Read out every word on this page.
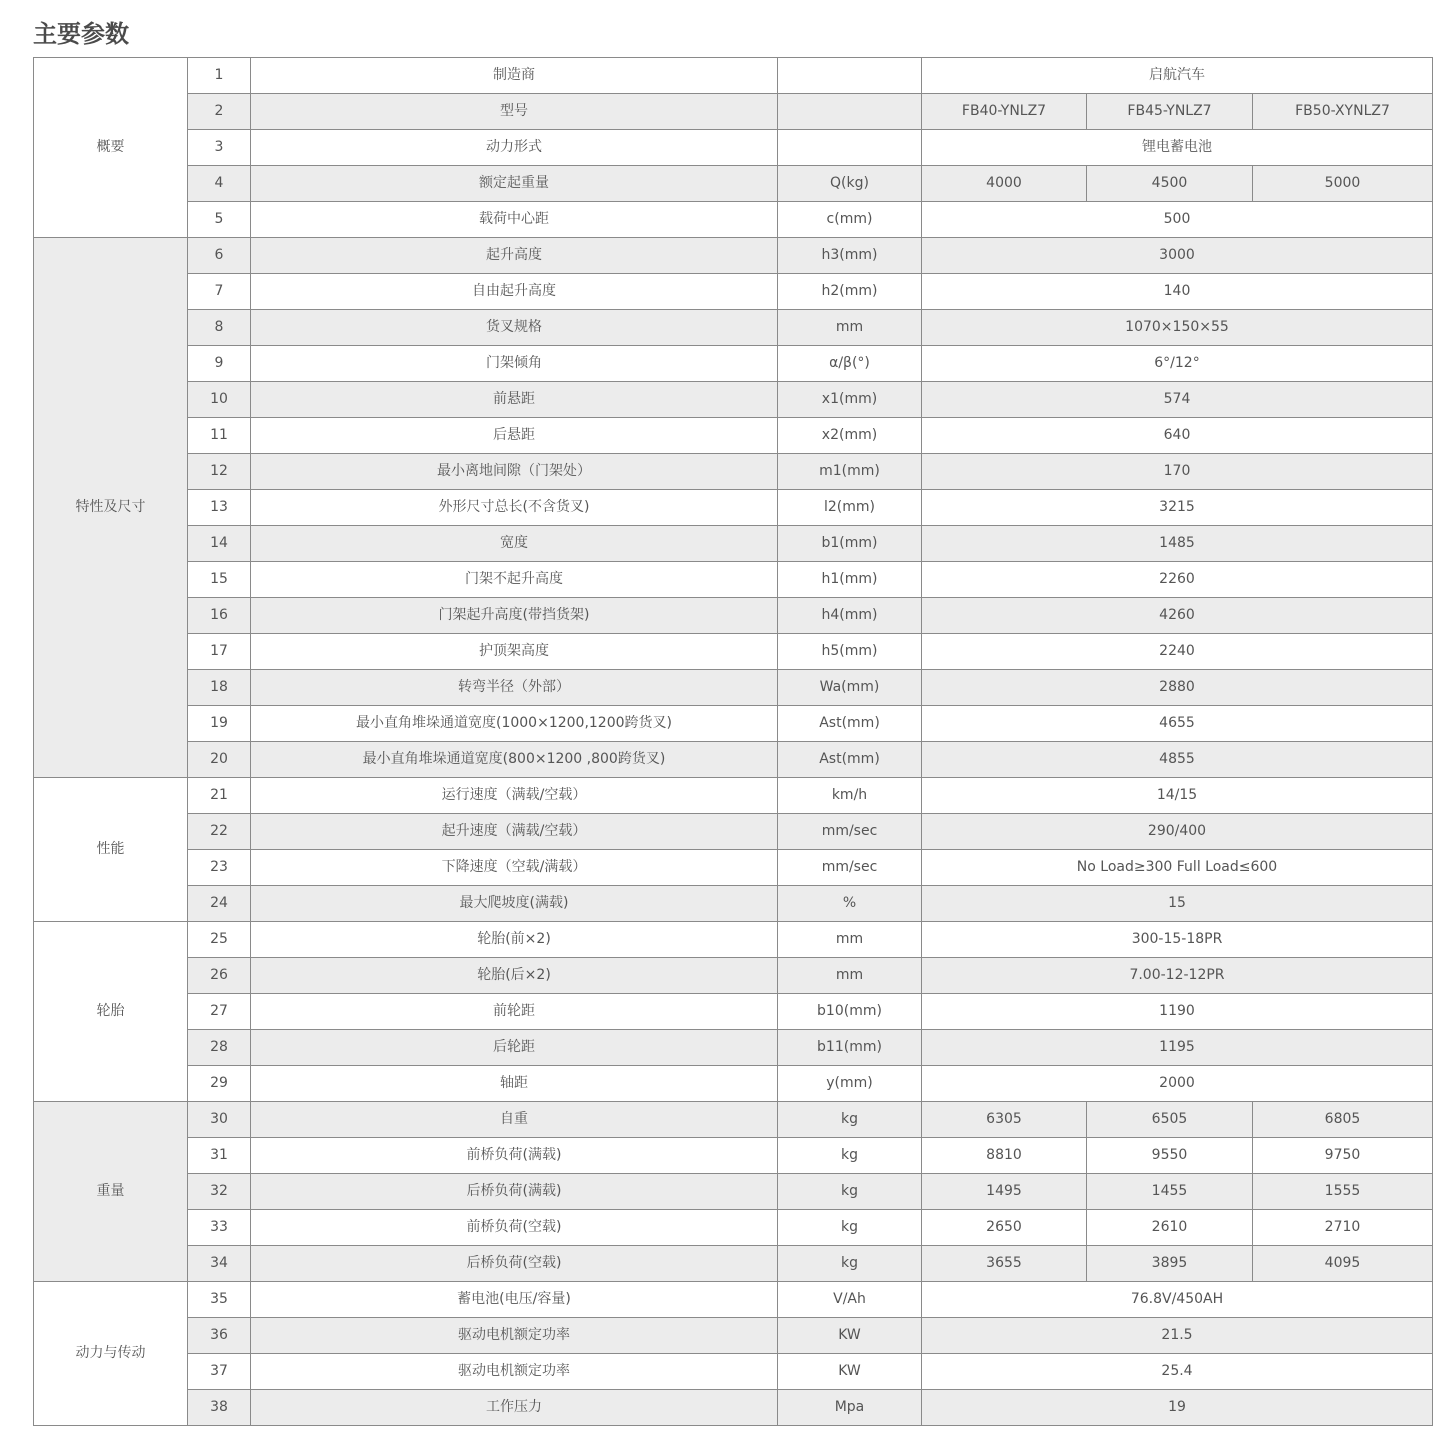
主要参数
概要	1	制造商		启航汽车		
	2	型号		FB40-YNLZ7	FB45-YNLZ7	FB50-XYNLZ7
	3	动力形式		锂电蓄电池		
	4	额定起重量	Q(kg)	4000	4500	5000
	5	载荷中心距	c(mm)	500		
特性及尺寸	6	起升高度	h3(mm)	3000		
	7	自由起升高度	h2(mm)	140		
	8	货叉规格	mm	1070×150×55		
	9	门架倾角	α/β(°)	6°/12°		
	10	前悬距	x1(mm)	574		
	11	后悬距	x2(mm)	640		
	12	最小离地间隙（门架处）	m1(mm)	170		
	13	外形尺寸总长(不含货叉)	l2(mm)	3215		
	14	宽度	b1(mm)	1485		
	15	门架不起升高度	h1(mm)	2260		
	16	门架起升高度(带挡货架)	h4(mm)	4260		
	17	护顶架高度	h5(mm)	2240		
	18	转弯半径（外部）	Wa(mm)	2880		
	19	最小直角堆垛通道宽度(1000×1200,1200跨货叉)	Ast(mm)	4655		
	20	最小直角堆垛通道宽度(800×1200 ,800跨货叉)	Ast(mm)	4855		
性能	21	运行速度（满载/空载）	km/h	14/15		
	22	起升速度（满载/空载）	mm/sec	290/400		
	23	下降速度（空载/满载）	mm/sec	No Load≥300 Full Load≤600		
	24	最大爬坡度(满载)	%	15		
轮胎	25	轮胎(前×2)	mm	300-15-18PR		
	26	轮胎(后×2)	mm	7.00-12-12PR		
	27	前轮距	b10(mm)	1190		
	28	后轮距	b11(mm)	1195		
	29	轴距	y(mm)	2000		
重量	30	自重	kg	6305	6505	6805
	31	前桥负荷(满载)	kg	8810	9550	9750
	32	后桥负荷(满载)	kg	1495	1455	1555
	33	前桥负荷(空载)	kg	2650	2610	2710
	34	后桥负荷(空载)	kg	3655	3895	4095
动力与传动	35	蓄电池(电压/容量)	V/Ah	76.8V/450AH		
	36	驱动电机额定功率	KW	21.5		
	37	驱动电机额定功率	KW	25.4		
	38	工作压力	Mpa	19		
